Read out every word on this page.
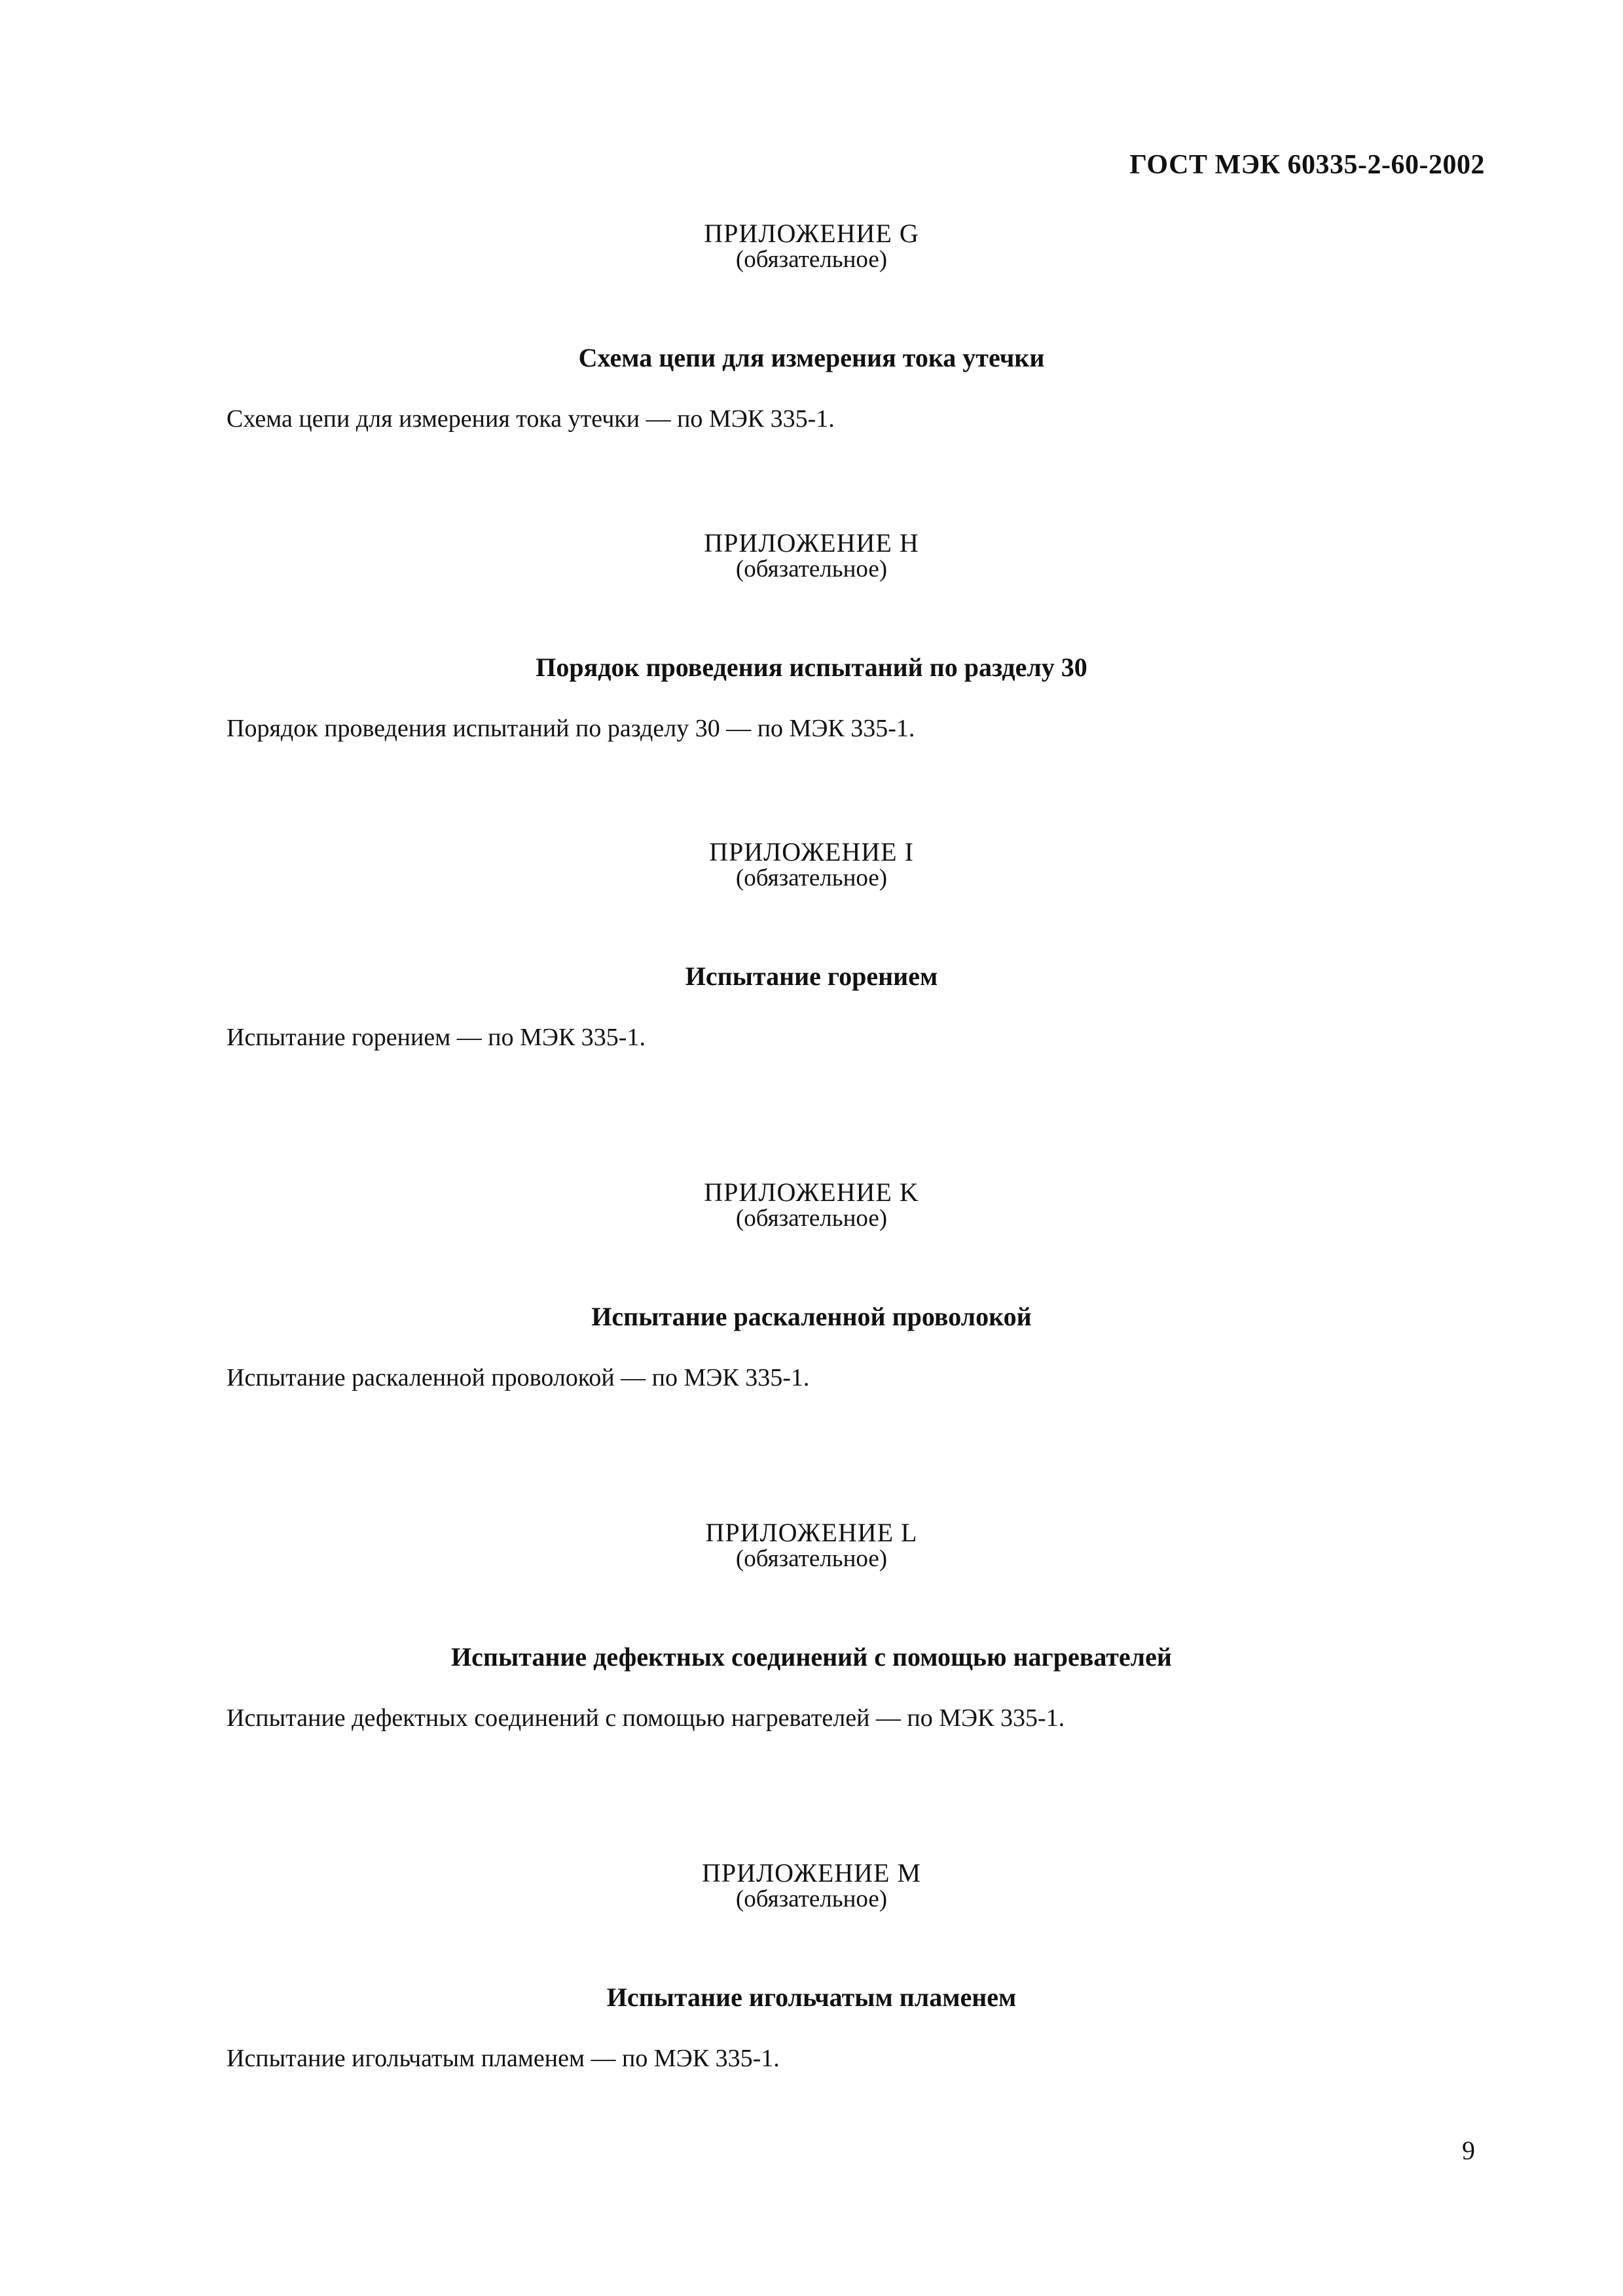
ГОСТ МЭК 60335-2-60-2002
ПРИЛОЖЕНИЕ G
(обязательное)
Схема цепи для измерения тока утечки
Схема цепи для измерения тока утечки — по МЭК 335-1.
ПРИЛОЖЕНИЕ H
(обязательное)
Порядок проведения испытаний по разделу 30
Порядок проведения испытаний по разделу 30 — по МЭК 335-1.
ПРИЛОЖЕНИЕ I
(обязательное)
Испытание горением
Испытание горением — по МЭК 335-1.
ПРИЛОЖЕНИЕ K
(обязательное)
Испытание раскаленной проволокой
Испытание раскаленной проволокой — по МЭК 335-1.
ПРИЛОЖЕНИЕ L
(обязательное)
Испытание дефектных соединений с помощью нагревателей
Испытание дефектных соединений с помощью нагревателей — по МЭК 335-1.
ПРИЛОЖЕНИЕ M
(обязательное)
Испытание игольчатым пламенем
Испытание игольчатым пламенем — по МЭК 335-1.
9
